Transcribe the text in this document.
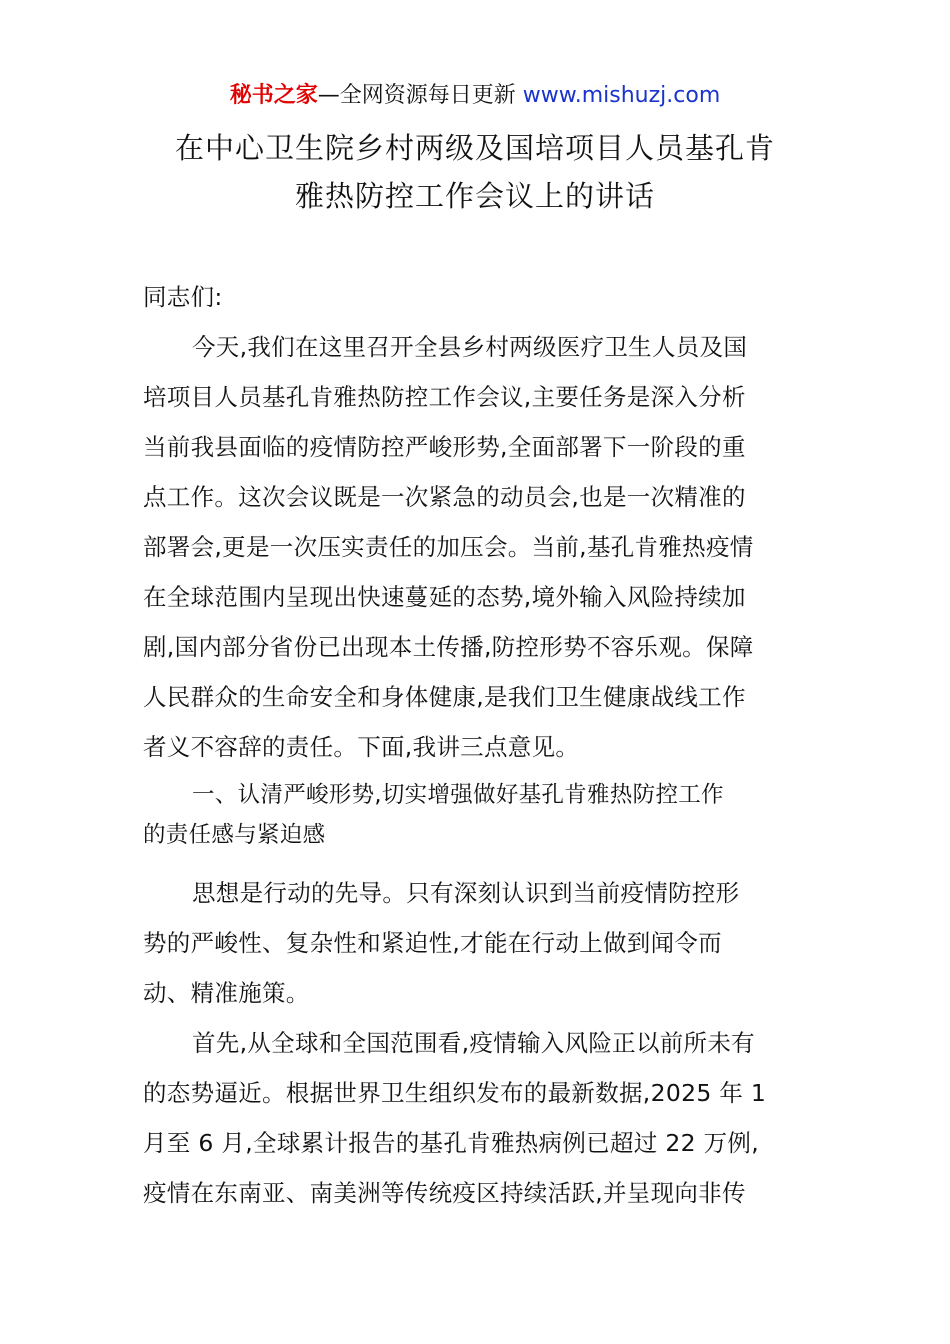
秘书之家—全网资源每日更新 www.mishuzj.com
在中心卫生院乡村两级及国培项目人员基孔肯
雅热防控工作会议上的讲话
同志们:
今天,我们在这里召开全县乡村两级医疗卫生人员及国
培项目人员基孔肯雅热防控工作会议,主要任务是深入分析
当前我县面临的疫情防控严峻形势,全面部署下一阶段的重
点工作。这次会议既是一次紧急的动员会,也是一次精准的
部署会,更是一次压实责任的加压会。当前,基孔肯雅热疫情
在全球范围内呈现出快速蔓延的态势,境外输入风险持续加
剧,国内部分省份已出现本土传播,防控形势不容乐观。保障
人民群众的生命安全和身体健康,是我们卫生健康战线工作
者义不容辞的责任。下面,我讲三点意见。
一、认清严峻形势,切实增强做好基孔肯雅热防控工作
的责任感与紧迫感
思想是行动的先导。只有深刻认识到当前疫情防控形
势的严峻性、复杂性和紧迫性,才能在行动上做到闻令而
动、精准施策。
首先,从全球和全国范围看,疫情输入风险正以前所未有
的态势逼近。根据世界卫生组织发布的最新数据,2025 年 1
月至 6 月,全球累计报告的基孔肯雅热病例已超过 22 万例,
疫情在东南亚、南美洲等传统疫区持续活跃,并呈现向非传
